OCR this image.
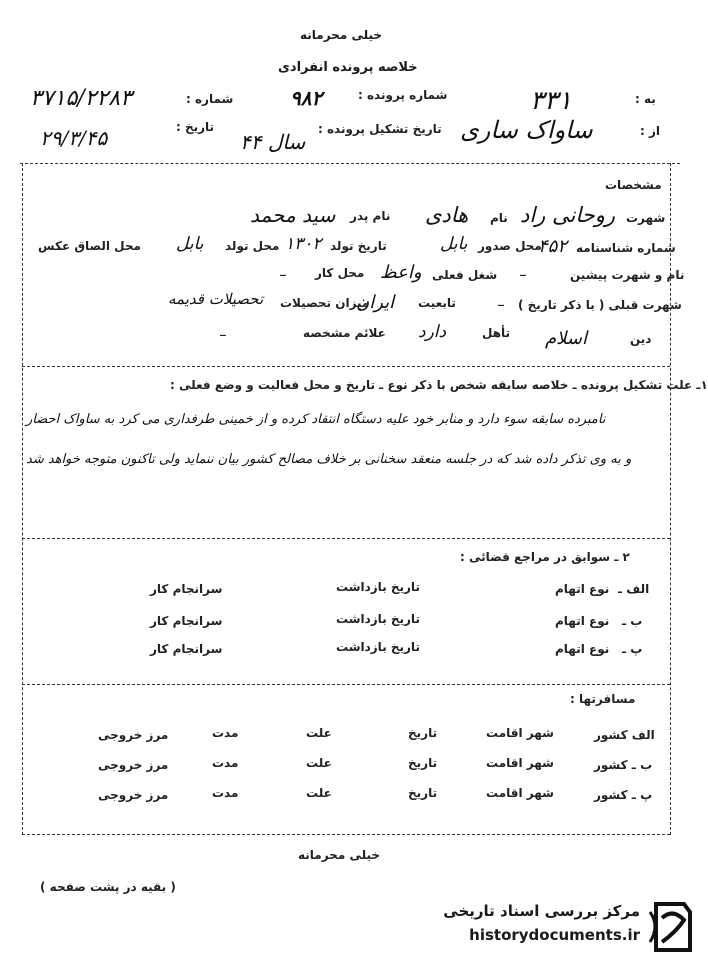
خیلی محرمانه
خلاصه پرونده انفرادی
به :
از :
۳۳۱
ساواک ساری
شماره پرونده :
۹۸۲
شماره :
۳۷۱۵/۲۲۸۳
تاریخ تشکیل پرونده :
سال ۴۴
تاریخ :
۲۹/۳/۴۵
مشخصات
شهرت
روحانی راد
نام
هادی
نام پدر
سید محمد
شماره شناسنامه
۴۵۲
محل صدور
بابل
تاریخ تولد
۱۳۰۲
محل تولد
بابل
محل الصاق عکس
نام و شهرت پیشین
_
شغل فعلی
واعظ
محل کار
_
شهرت قبلی ( با ذکر تاریخ )
_
تابعیت
ایران
میزان تحصیلات
تحصیلات قدیمه
دین
اسلام
تأهل
دارد
علائم مشخصه
_
۱ـ علت تشکیل پرونده ـ خلاصه سابقه شخص با ذکر نوع ـ تاریخ و محل فعالیت و وضع فعلی :
نامبرده سابقه سوء دارد و منابر خود علیه دستگاه انتقاد کرده و از خمینی طرفداری می کرد به ساواک احضار
و به وی تذکر داده شد که در جلسه منعقد سخنانی بر خلاف مصالح کشور بیان ننماید ولی تاکنون متوجه خواهد شد
۲ ـ سوابق در مراجع قضائی :
الف ـ
نوع اتهام
تاریخ بازداشت
سرانجام کار
ب ـ
نوع اتهام
تاریخ بازداشت
سرانجام کار
پ ـ
نوع اتهام
تاریخ بازداشت
سرانجام کار
مسافرتها :
الف کشور
شهر اقامت
تاریخ
علت
مدت
مرز خروجی
ب ـ کشور
شهر اقامت
تاریخ
علت
مدت
مرز خروجی
پ ـ کشور
شهر اقامت
تاریخ
علت
مدت
مرز خروجی
خیلی محرمانه
( بقیه در پشت صفحه )
مرکز بررسی اسناد تاریخی
historydocuments.ir
